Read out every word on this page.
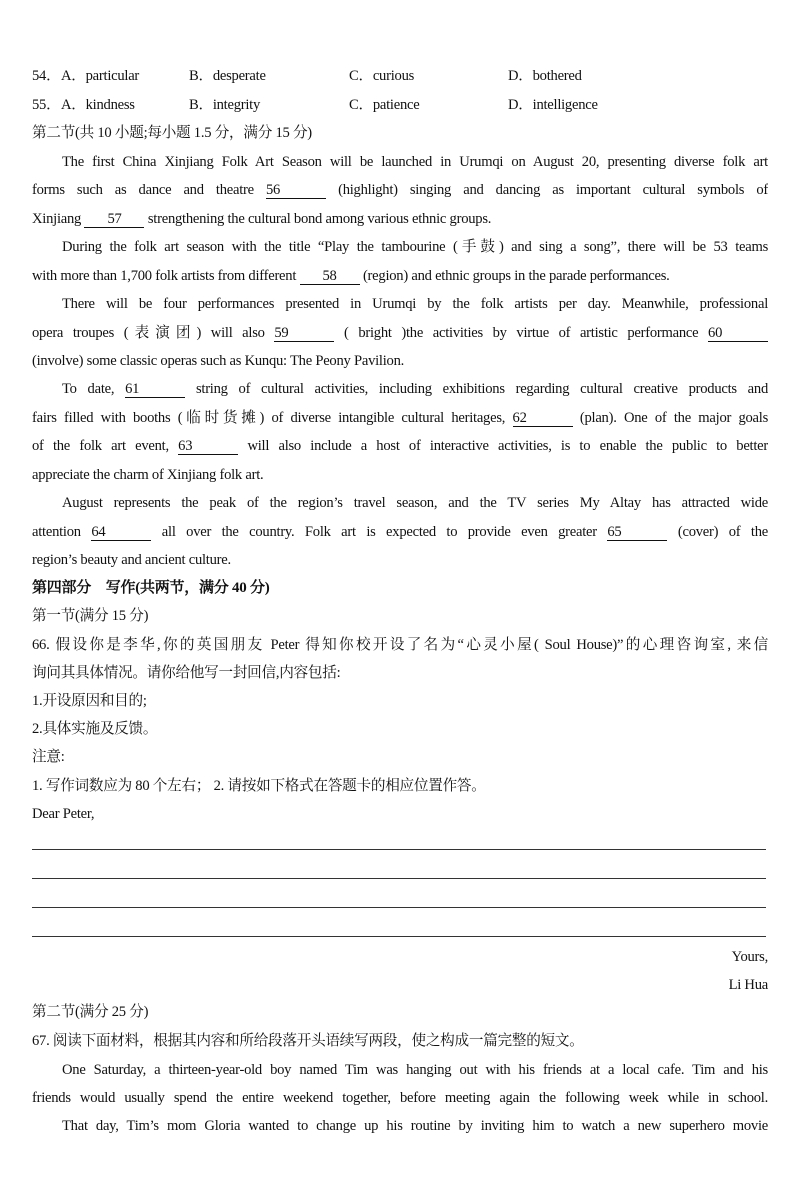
54． A．particular	B．desperate	C．curious	D．bothered
55． A．kindness	B．integrity	C．patience	D．intelligence
第二节(共 10 小题;每小题 1.5 分，满分 15 分)
The first China Xinjiang Folk Art Season will be launched in Urumqi on August 20, presenting diverse folk art
forms such as dance and theatre 56	(highlight) singing and dancing as important cultural symbols of
Xinjiang 57 strengthening the cultural bond among various ethnic groups.
During the folk art season with the title “Play the tambourine (手鼓) and sing a song”, there will be 53 teams
with more than 1,700 folk artists from different 58 (region) and ethnic groups in the parade performances.
There will be four performances presented in Urumqi by the folk artists per day. Meanwhile, professional
opera troupes (表演团) will also 59	( bright )the activities by virtue of artistic performance 60
(involve) some classic operas such as Kunqu: The Peony Pavilion.
To date, 61	string of cultural activities, including exhibitions regarding cultural creative products and
fairs filled with booths (临时货摊) of diverse intangible cultural heritages, 62	(plan). One of the major goals
of the folk art event, 63	will also include a host of interactive activities, is to enable the public to better
appreciate the charm of Xinjiang folk art.
August represents the peak of the region’s travel season, and the TV series My Altay has attracted wide
attention 64	all over the country. Folk art is expected to provide even greater 65	(cover) of the
region’s beauty and ancient culture.
第四部分　写作(共两节，满分 40 分)
第一节(满分 15 分)
66. 假设你是李华,你的英国朋友 Peter 得知你校开设了名为“心灵小屋( Soul House)”的心理咨询室, 来信
询问其具体情况。请你给他写一封回信,内容包括:
1.开设原因和目的;
2.具体实施及反馈。
注意:
1. 写作词数应为 80 个左右； 2. 请按如下格式在答题卡的相应位置作答。
Dear Peter,
Yours,
Li Hua
第二节(满分 25 分)
67. 阅读下面材料，根据其内容和所给段落开头语续写两段，使之构成一篇完整的短文。
One Saturday, a thirteen-year-old boy named Tim was hanging out with his friends at a local cafe. Tim and his
friends would usually spend the entire weekend together, before meeting again the following week while in school.
That day, Tim’s mom Gloria wanted to change up his routine by inviting him to watch a new superhero movie
